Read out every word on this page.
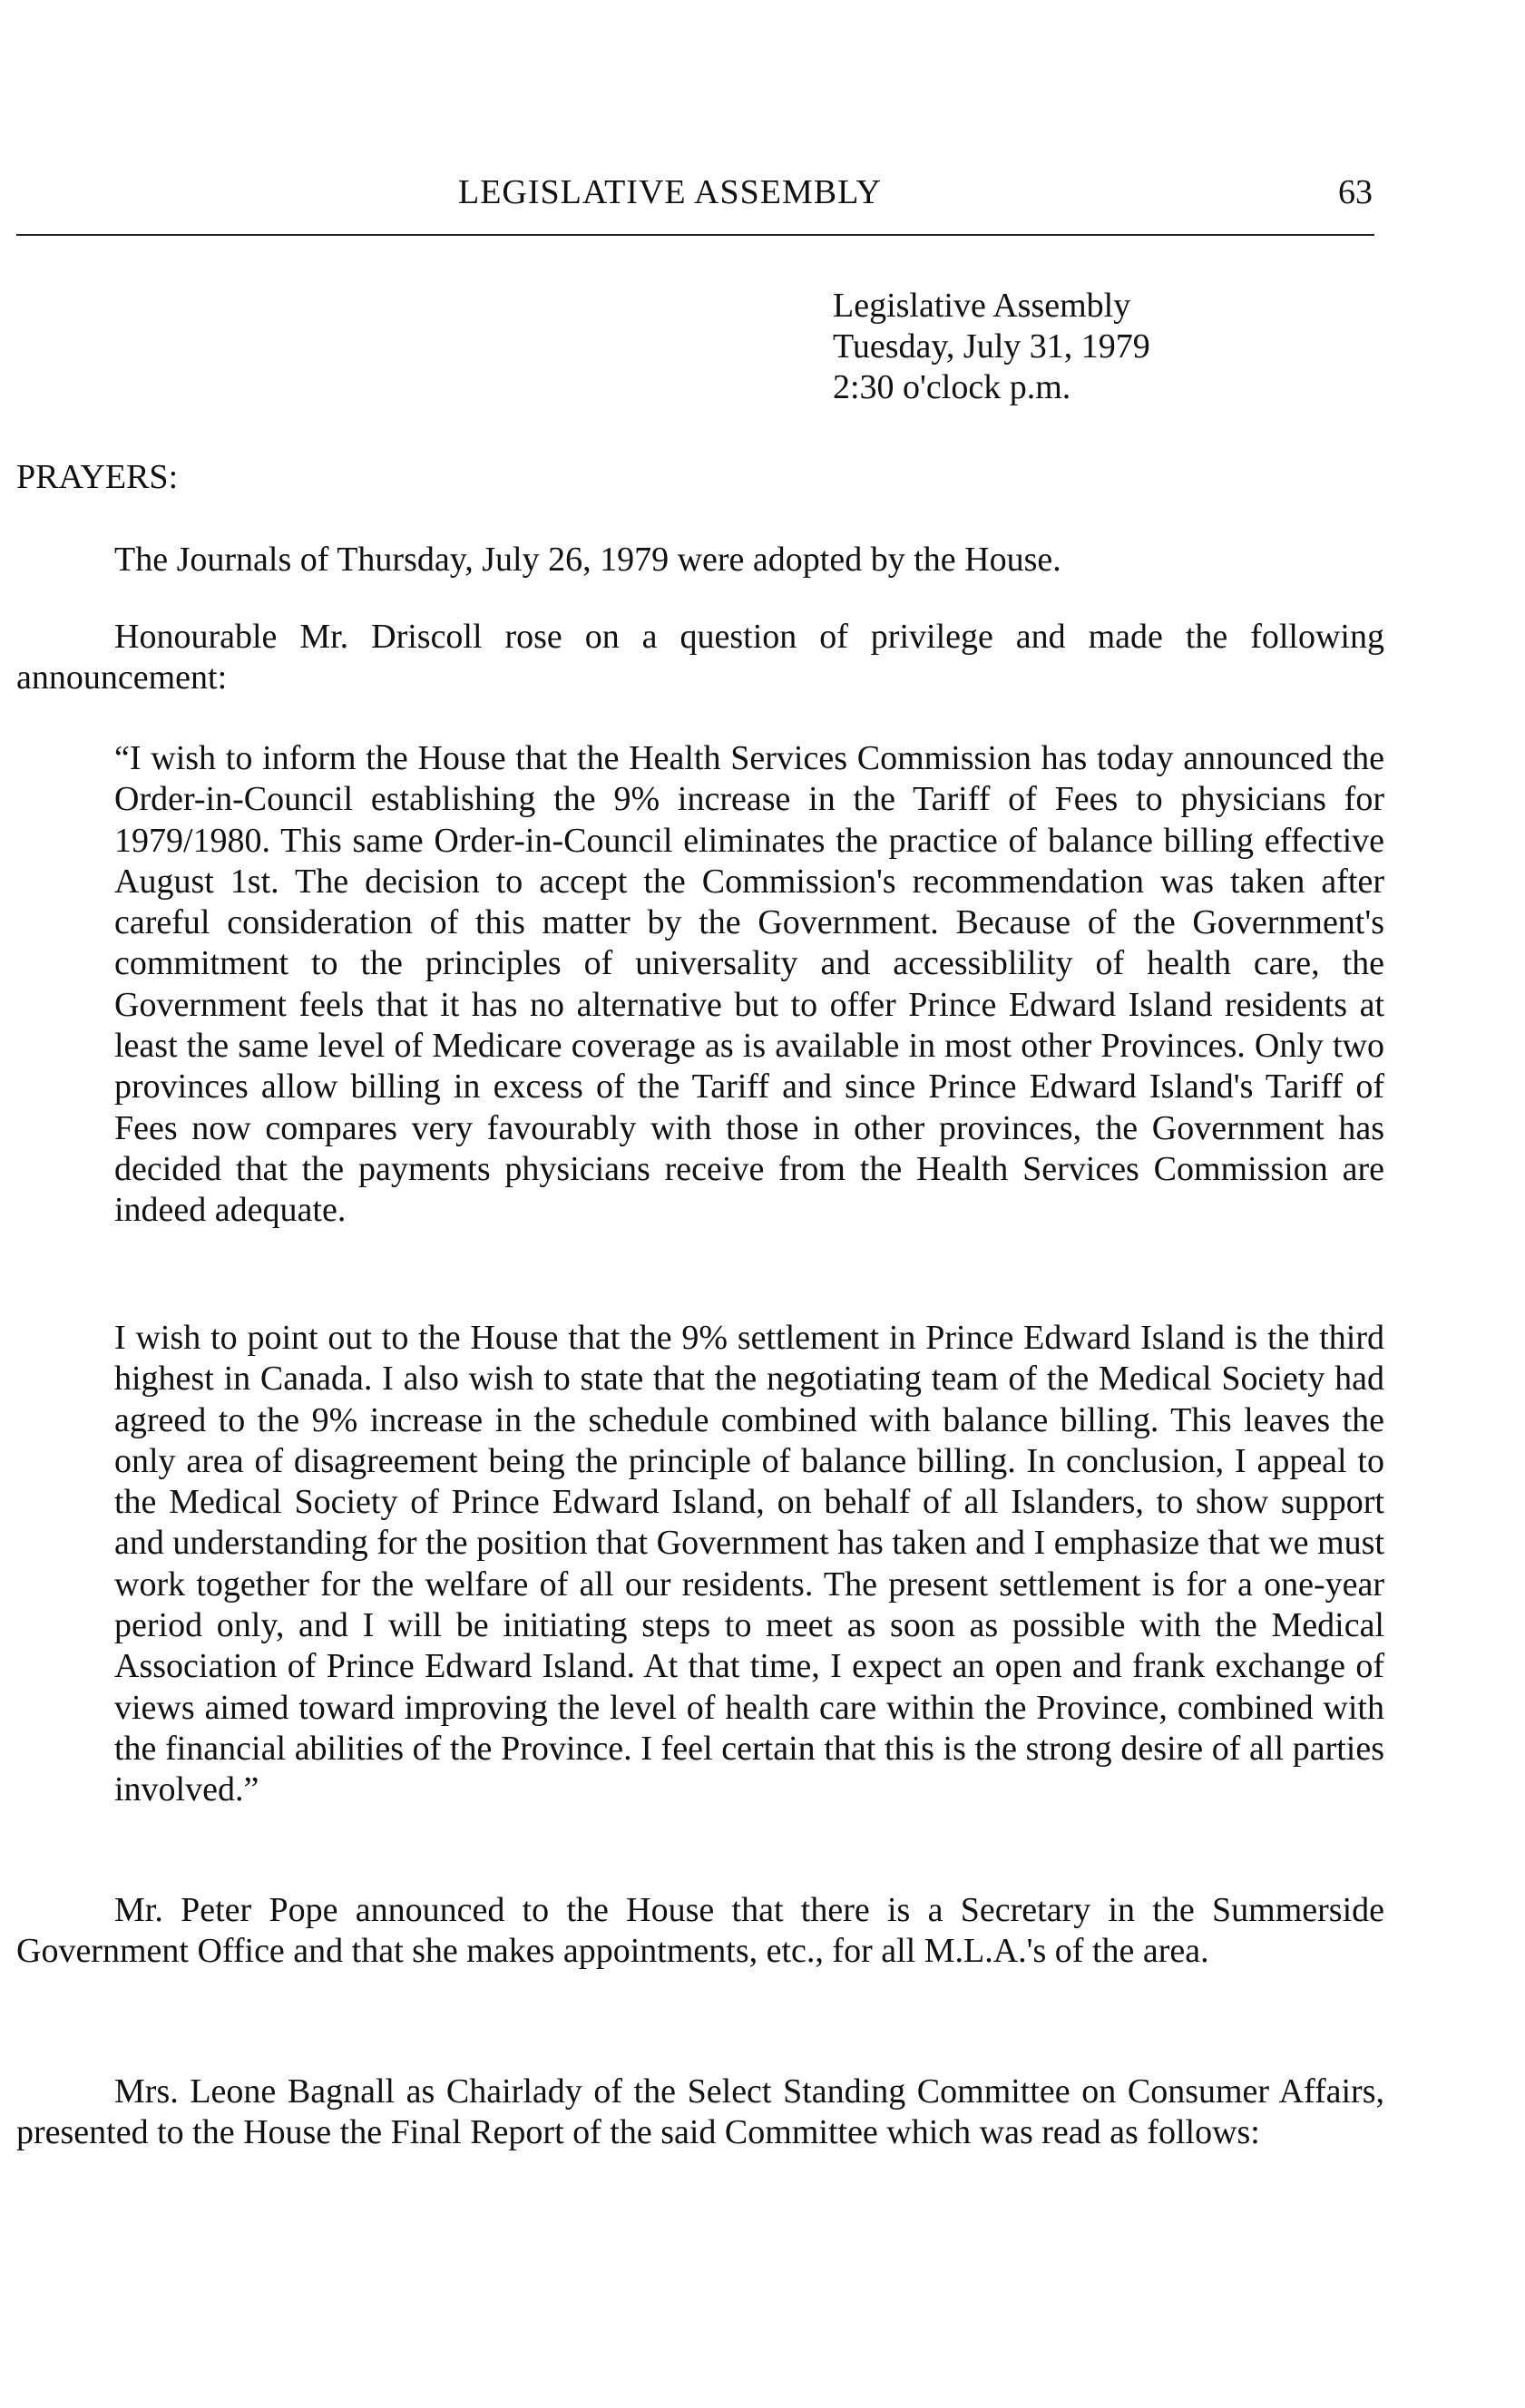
LEGISLATIVE ASSEMBLY	63
Legislative Assembly
Tuesday, July 31, 1979
2:30 o'clock p.m.
PRAYERS:

The Journals of Thursday, July 26, 1979 were adopted by the House.

Honourable Mr. Driscoll rose on a question of privilege and made the following announcement:

“I wish to inform the House that the Health Services Commission has today announced the Order-in-Council establishing the 9% increase in the Tariff of Fees to physicians for 1979/1980. This same Order-in-Council eliminates the practice of balance billing effective August 1st. The decision to accept the Commission's recommendation was taken after careful consideration of this matter by the Government. Because of the Government's commitment to the principles of universality and accessiblility of health care, the Government feels that it has no alternative but to offer Prince Edward Island residents at least the same level of Medicare coverage as is available in most other Provinces. Only two provinces allow billing in excess of the Tariff and since Prince Edward Island's Tariff of Fees now compares very favourably with those in other provinces, the Government has decided that the payments physicians receive from the Health Services Commission are indeed adequate.

I wish to point out to the House that the 9% settlement in Prince Edward Island is the third highest in Canada. I also wish to state that the negotiating team of the Medical Society had agreed to the 9% increase in the schedule combined with balance billing. This leaves the only area of disagreement being the principle of balance billing. In conclusion, I appeal to the Medical Society of Prince Edward Island, on behalf of all Islanders, to show support and understanding for the position that Government has taken and I emphasize that we must work together for the welfare of all our residents. The present settlement is for a one-year period only, and I will be initiating steps to meet as soon as possible with the Medical Association of Prince Edward Island. At that time, I expect an open and frank exchange of views aimed toward improving the level of health care within the Province, combined with the financial abilities of the Province. I feel certain that this is the strong desire of all parties involved.”

Mr. Peter Pope announced to the House that there is a Secretary in the Summerside Government Office and that she makes appointments, etc., for all M.L.A.'s of the area.

Mrs. Leone Bagnall as Chairlady of the Select Standing Committee on Consumer Affairs, presented to the House the Final Report of the said Committee which was read as follows:
